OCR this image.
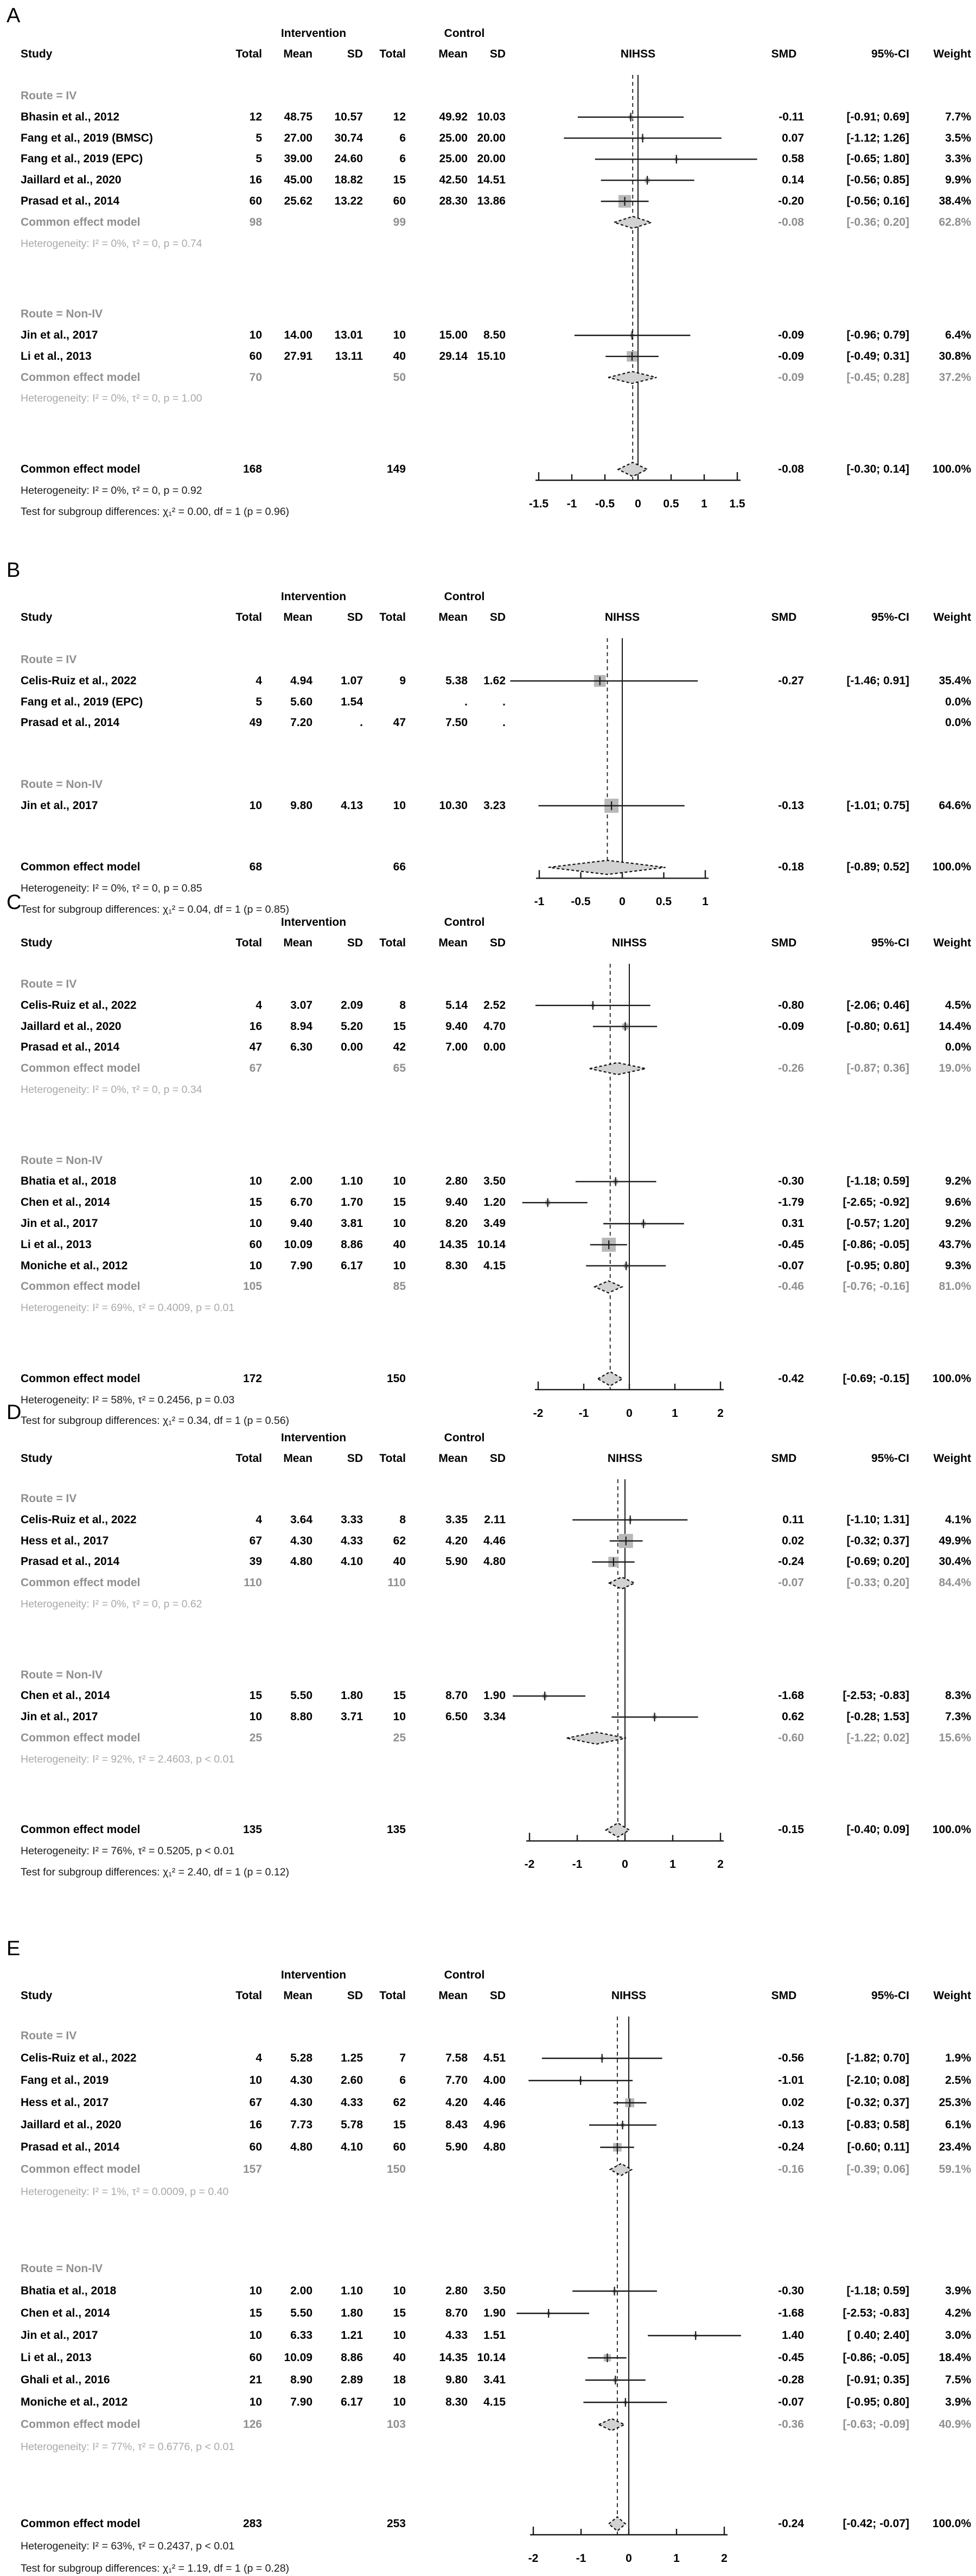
A
Intervention	Control
Study	Total	Mean	SD	Total	Mean	SD	NIHSS	SMD	95%-CI	Weight
Route = IV
Bhasin et al., 2012	12	48.75	10.57	12	49.92 10.03	-0.11	[-0.91; 0.69]	7.7%
Fang et al., 2019 (BMSC)	5	27.00	30.74	6	25.00 20.00	0.07	[-1.12; 1.26]	3.5%
Fang et al., 2019 (EPC)	5	39.00	24.60	6	25.00 20.00	0.58	[-0.65; 1.80]	3.3%
Jaillard et al., 2020	16	45.00	18.82	15	42.50 14.51	0.14	[-0.56; 0.85]	9.9%
Prasad et al., 2014	60	25.62	13.22	60	28.30 13.86	-0.20	[-0.56; 0.16]	38.4%
Common effect model	98	99	-0.08	[-0.36; 0.20]	62.8%
Heterogeneity: I² = 0%, τ² = 0, p = 0.74
Route = Non-IV
Jin et al., 2017	10	14.00	13.01	10	15.00	8.50	-0.09	[-0.96; 0.79]	6.4%
Li et al., 2013	60	27.91	13.11	40	29.14 15.10	-0.09	[-0.49; 0.31]	30.8%
Common effect model	70	50	-0.09	[-0.45; 0.28]	37.2%
Heterogeneity: I² = 0%, τ² = 0, p = 1.00
Common effect model	168	149	-0.08	[-0.30; 0.14]	100.0%
Heterogeneity: I² = 0%, τ² = 0, p = 0.92
Test for subgroup differences: χ₁² = 0.00, df = 1 (p = 0.96)
-1.5	-1	-0.5	0	0.5	1	1.5
B
Intervention	Control
Study	Total	Mean	SD	Total	Mean	SD	NIHSS	SMD	95%-CI	Weight
Route = IV
Celis-Ruiz et al., 2022	4	4.94	1.07	9	5.38	1.62	-0.27	[-1.46; 0.91]	35.4%
Fang et al., 2019 (EPC)	5	5.60	1.54	.	.	0.0%
Prasad et al., 2014	49	7.20	.	47	7.50	.	0.0%
Route = Non-IV
Jin et al., 2017	10	9.80	4.13	10	10.30	3.23	-0.13	[-1.01; 0.75]	64.6%
Common effect model	68	66	-0.18	[-0.89; 0.52]	100.0%
Heterogeneity: I² = 0%, τ² = 0, p = 0.85
Test for subgroup differences: χ₁² = 0.04, df = 1 (p = 0.85)
-1	-0.5	0	0.5	1
C
Intervention	Control
Study	Total	Mean	SD	Total	Mean	SD	NIHSS	SMD	95%-CI	Weight
Route = IV
Celis-Ruiz et al., 2022	4	3.07	2.09	8	5.14	2.52	-0.80	[-2.06; 0.46]	4.5%
Jaillard et al., 2020	16	8.94	5.20	15	9.40	4.70	-0.09	[-0.80; 0.61]	14.4%
Prasad et al., 2014	47	6.30	0.00	42	7.00	0.00	0.0%
Common effect model	67	65	-0.26	[-0.87; 0.36]	19.0%
Heterogeneity: I² = 0%, τ² = 0, p = 0.34
Route = Non-IV
Bhatia et al., 2018	10	2.00	1.10	10	2.80	3.50	-0.30	[-1.18; 0.59]	9.2%
Chen et al., 2014	15	6.70	1.70	15	9.40	1.20	-1.79	[-2.65; -0.92]	9.6%
Jin et al., 2017	10	9.40	3.81	10	8.20	3.49	0.31	[-0.57; 1.20]	9.2%
Li et al., 2013	60	10.09	8.86	40	14.35 10.14	-0.45	[-0.86; -0.05]	43.7%
Moniche et al., 2012	10	7.90	6.17	10	8.30	4.15	-0.07	[-0.95; 0.80]	9.3%
Common effect model	105	85	-0.46	[-0.76; -0.16]	81.0%
Heterogeneity: I² = 69%, τ² = 0.4009, p = 0.01
Common effect model	172	150	-0.42	[-0.69; -0.15]	100.0%
Heterogeneity: I² = 58%, τ² = 0.2456, p = 0.03
Test for subgroup differences: χ₁² = 0.34, df = 1 (p = 0.56)
-2	-1	0	1	2
D
Intervention	Control
Study	Total	Mean	SD	Total	Mean	SD	NIHSS	SMD	95%-CI	Weight
Route = IV
Celis-Ruiz et al., 2022	4	3.64	3.33	8	3.35	2.11	0.11	[-1.10; 1.31]	4.1%
Hess et al., 2017	67	4.30	4.33	62	4.20	4.46	0.02	[-0.32; 0.37]	49.9%
Prasad et al., 2014	39	4.80	4.10	40	5.90	4.80	-0.24	[-0.69; 0.20]	30.4%
Common effect model	110	110	-0.07	[-0.33; 0.20]	84.4%
Heterogeneity: I² = 0%, τ² = 0, p = 0.62
Route = Non-IV
Chen et al., 2014	15	5.50	1.80	15	8.70	1.90	-1.68	[-2.53; -0.83]	8.3%
Jin et al., 2017	10	8.80	3.71	10	6.50	3.34	0.62	[-0.28; 1.53]	7.3%
Common effect model	25	25	-0.60	[-1.22; 0.02]	15.6%
Heterogeneity: I² = 92%, τ² = 2.4603, p < 0.01
Common effect model	135	135	-0.15	[-0.40; 0.09]	100.0%
Heterogeneity: I² = 76%, τ² = 0.5205, p < 0.01
Test for subgroup differences: χ₁² = 2.40, df = 1 (p = 0.12)
-2	-1	0	1	2
E
Intervention	Control
Study	Total	Mean	SD	Total	Mean	SD	NIHSS	SMD	95%-CI	Weight
Route = IV
Celis-Ruiz et al., 2022	4	5.28	1.25	7	7.58	4.51	-0.56	[-1.82; 0.70]	1.9%
Fang et al., 2019	10	4.30	2.60	6	7.70	4.00	-1.01	[-2.10; 0.08]	2.5%
Hess et al., 2017	67	4.30	4.33	62	4.20	4.46	0.02	[-0.32; 0.37]	25.3%
Jaillard et al., 2020	16	7.73	5.78	15	8.43	4.96	-0.13	[-0.83; 0.58]	6.1%
Prasad et al., 2014	60	4.80	4.10	60	5.90	4.80	-0.24	[-0.60; 0.11]	23.4%
Common effect model	157	150	-0.16	[-0.39; 0.06]	59.1%
Heterogeneity: I² = 1%, τ² = 0.0009, p = 0.40
Route = Non-IV
Bhatia et al., 2018	10	2.00	1.10	10	2.80	3.50	-0.30	[-1.18; 0.59]	3.9%
Chen et al., 2014	15	5.50	1.80	15	8.70	1.90	-1.68	[-2.53; -0.83]	4.2%
Jin et al., 2017	10	6.33	1.21	10	4.33	1.51	1.40	[ 0.40; 2.40]	3.0%
Li et al., 2013	60	10.09	8.86	40	14.35 10.14	-0.45	[-0.86; -0.05]	18.4%
Ghali et al., 2016	21	8.90	2.89	18	9.80	3.41	-0.28	[-0.91; 0.35]	7.5%
Moniche et al., 2012	10	7.90	6.17	10	8.30	4.15	-0.07	[-0.95; 0.80]	3.9%
Common effect model	126	103	-0.36	[-0.63; -0.09]	40.9%
Heterogeneity: I² = 77%, τ² = 0.6776, p < 0.01
Common effect model	283	253	-0.24	[-0.42; -0.07]	100.0%
Heterogeneity: I² = 63%, τ² = 0.2437, p < 0.01
Test for subgroup differences: χ₁² = 1.19, df = 1 (p = 0.28)
-2	-1	0	1	2
